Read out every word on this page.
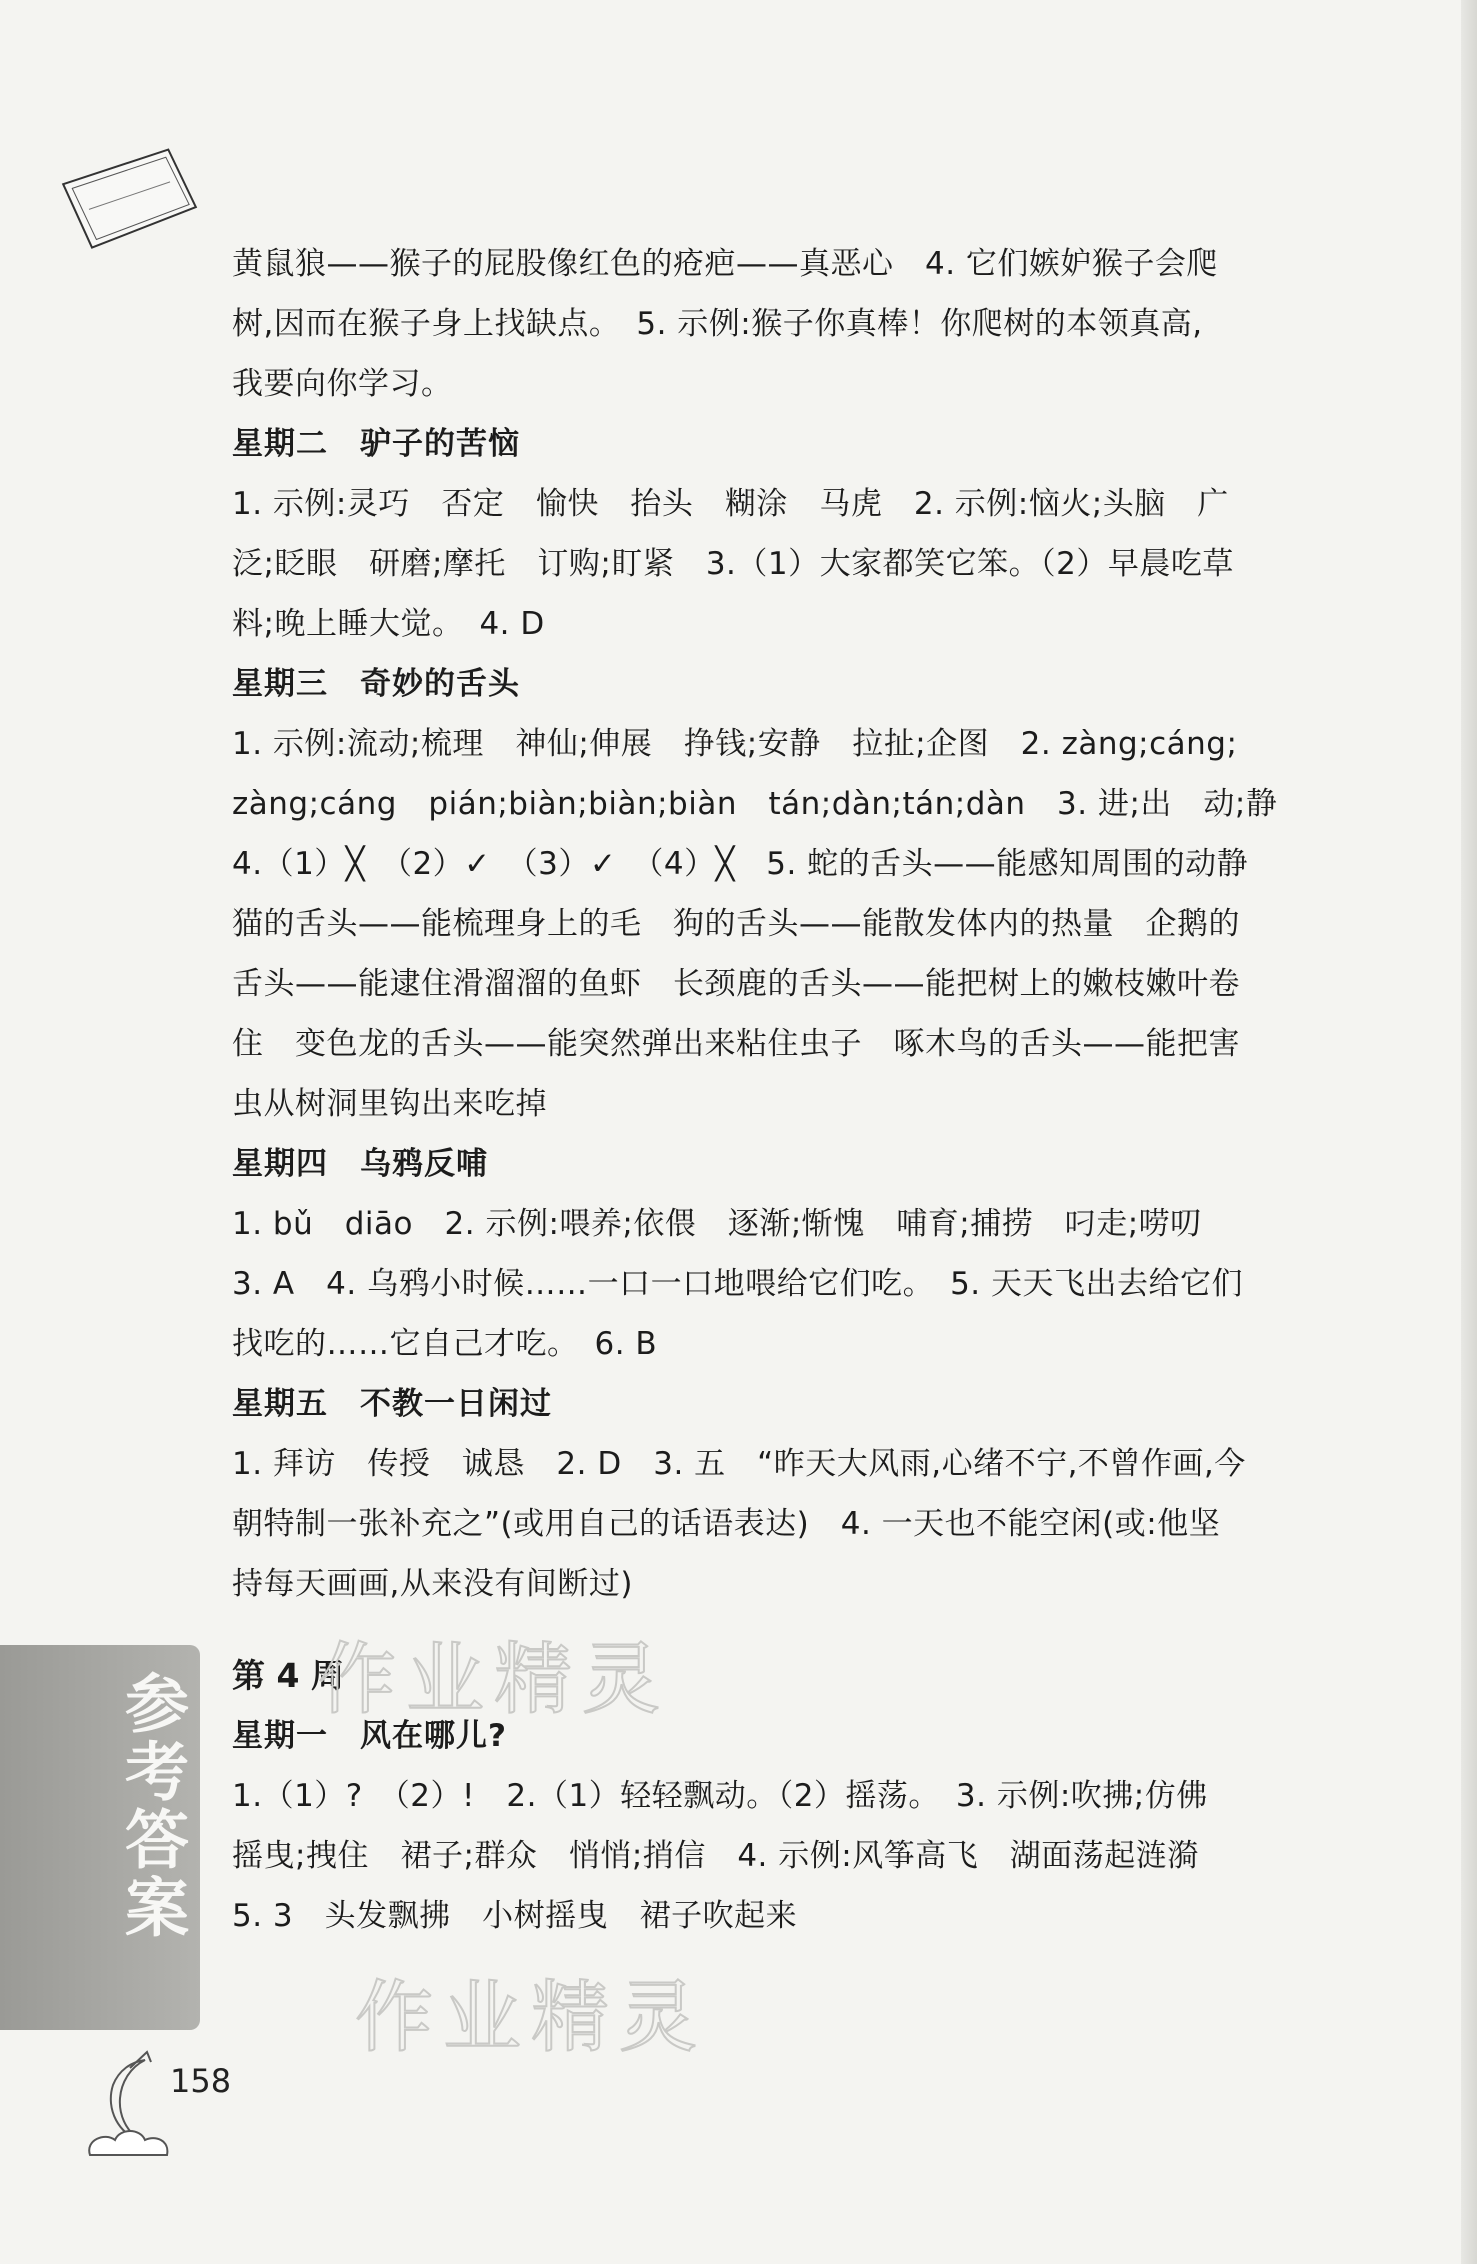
黄鼠狼——猴子的屁股像红色的疮疤——真恶心　4. 它们嫉妒猴子会爬
树,因而在猴子身上找缺点。　5. 示例:猴子你真棒！你爬树的本领真高,
我要向你学习。
星期二　驴子的苦恼
1. 示例:灵巧　否定　愉快　抬头　糊涂　马虎　2. 示例:恼火;头脑　广
泛;眨眼　研磨;摩托　订购;盯紧　3.（1）大家都笑它笨。（2）早晨吃草
料;晚上睡大觉。　4. D
星期三　奇妙的舌头
1. 示例:流动;梳理　神仙;伸展　挣钱;安静　拉扯;企图　2. zàng;cáng;
zàng;cáng　pián;biàn;biàn;biàn　tán;dàn;tán;dàn　3. 进;出　动;静
4.（1）╳　（2）✓　（3）✓　（4）╳　5. 蛇的舌头——能感知周围的动静
猫的舌头——能梳理身上的毛　狗的舌头——能散发体内的热量　企鹅的
舌头——能逮住滑溜溜的鱼虾　长颈鹿的舌头——能把树上的嫩枝嫩叶卷
住　变色龙的舌头——能突然弹出来粘住虫子　啄木鸟的舌头——能把害
虫从树洞里钩出来吃掉
星期四　乌鸦反哺
1. bǔ　diāo　2. 示例:喂养;依偎　逐渐;惭愧　哺育;捕捞　叼走;唠叨
3. A　4. 乌鸦小时候……一口一口地喂给它们吃。　5. 天天飞出去给它们
找吃的……它自己才吃。　6. B
星期五　不教一日闲过
1. 拜访　传授　诚恳　2. D　3. 五　“昨天大风雨,心绪不宁,不曾作画,今
朝特制一张补充之”(或用自己的话语表达)　4. 一天也不能空闲(或:他坚
持每天画画,从来没有间断过)
第 4 周
星期一　风在哪儿?
1.（1）?　（2）!　2.（1）轻轻飘动。（2）摇荡。　3. 示例:吹拂;仿佛
摇曳;拽住　裙子;群众　悄悄;捎信　4. 示例:风筝高飞　湖面荡起涟漪
5. 3　头发飘拂　小树摇曳　裙子吹起来
参考答案 作业精灵
作业精灵
158
